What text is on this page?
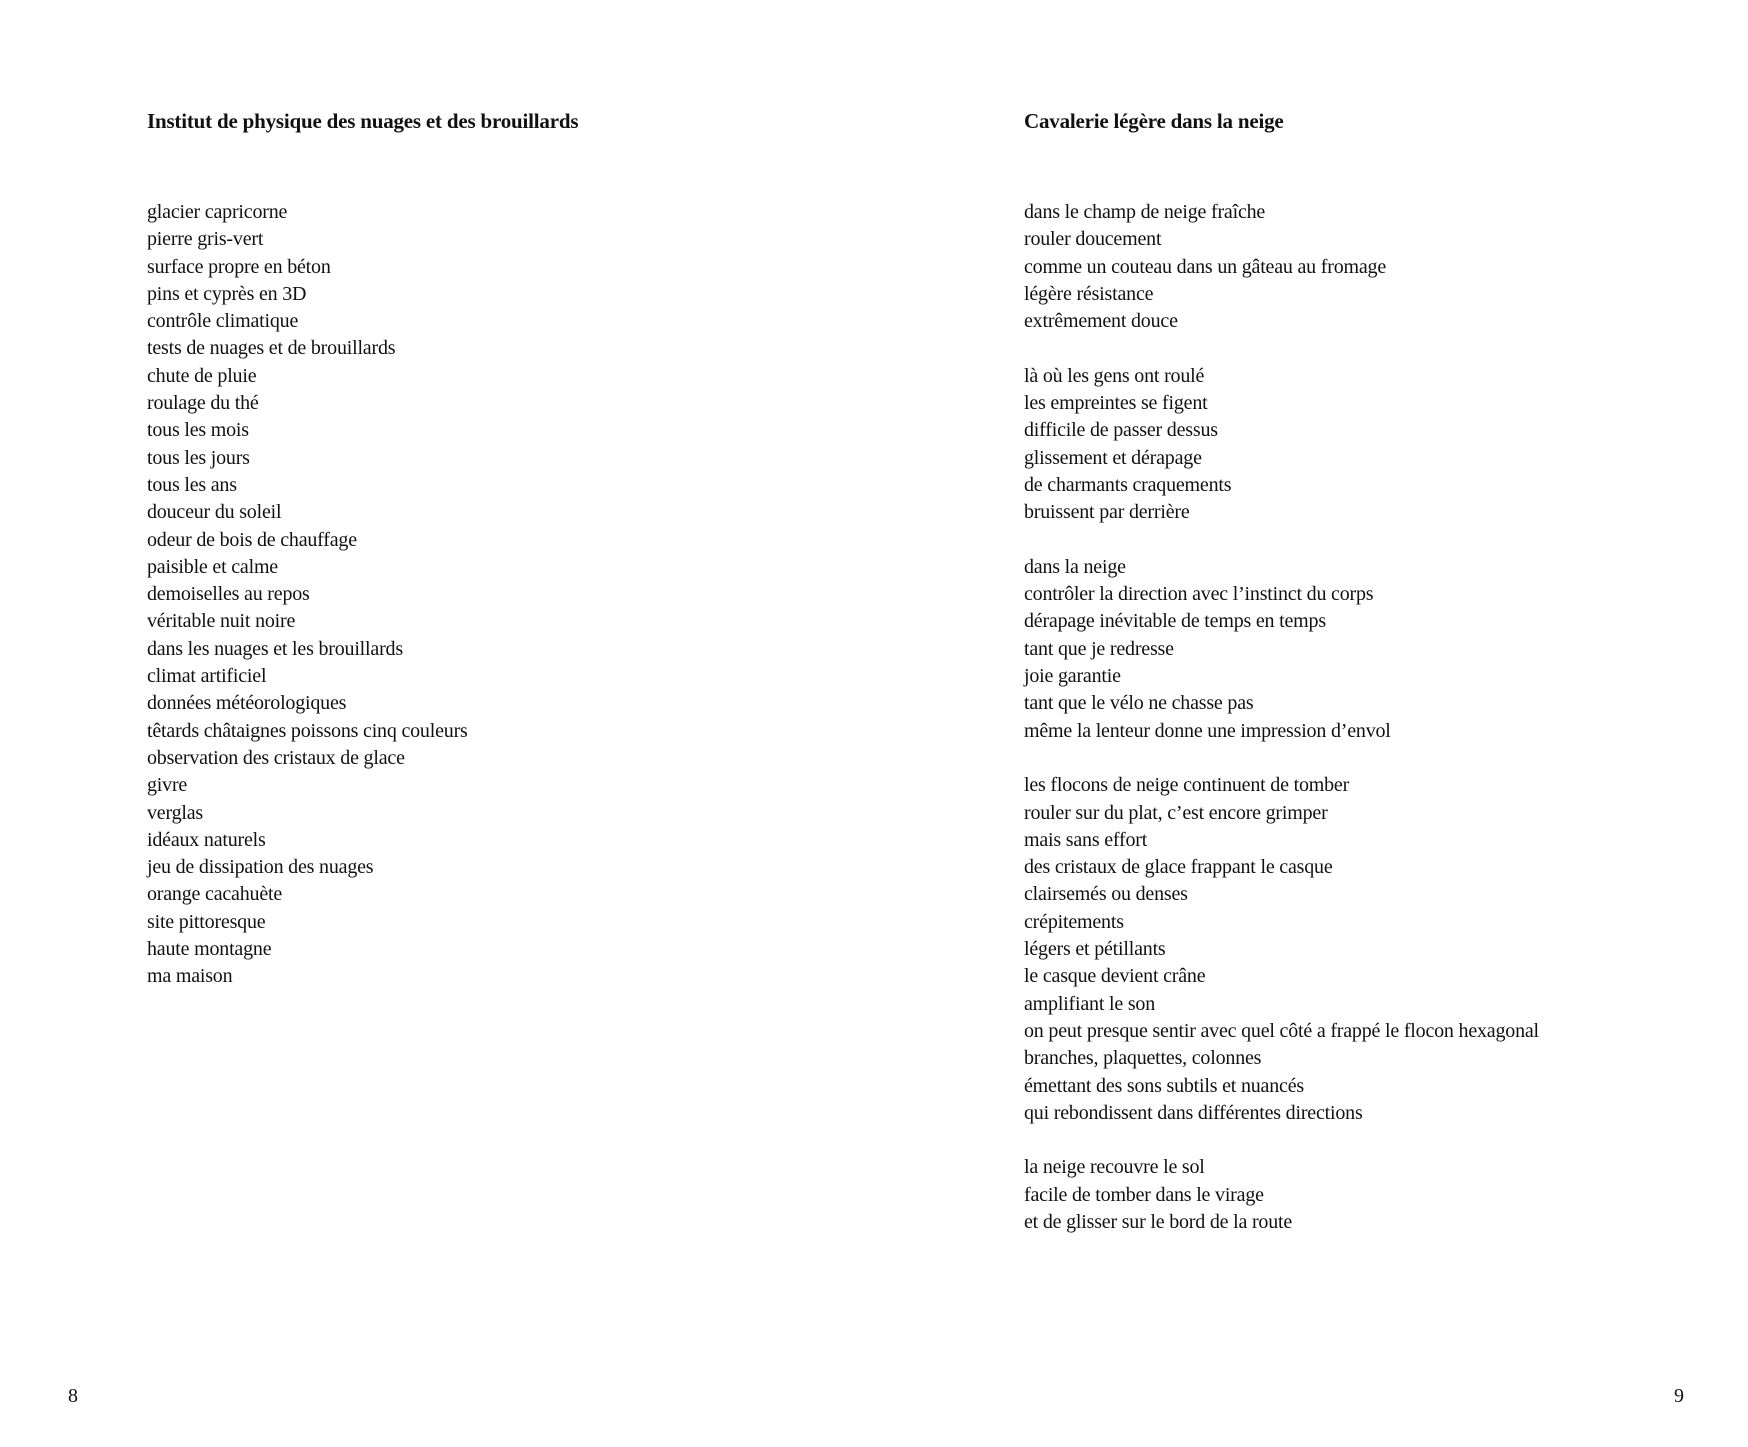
Institut de physique des nuages et des brouillards
glacier capricorne
pierre gris-vert
surface propre en béton
pins et cyprès en 3D
contrôle climatique
tests de nuages et de brouillards
chute de pluie
roulage du thé
tous les mois
tous les jours
tous les ans
douceur du soleil
odeur de bois de chauffage
paisible et calme
demoiselles au repos
véritable nuit noire
dans les nuages et les brouillards
climat artificiel
données météorologiques
têtards châtaignes poissons cinq couleurs
observation des cristaux de glace
givre
verglas
idéaux naturels
jeu de dissipation des nuages
orange cacahuète
site pittoresque
haute montagne
ma maison
8
Cavalerie légère dans la neige
dans le champ de neige fraîche
rouler doucement
comme un couteau dans un gâteau au fromage
légère résistance
extrêmement douce
là où les gens ont roulé
les empreintes se figent
difficile de passer dessus
glissement et dérapage
de charmants craquements
bruissent par derrière
dans la neige
contrôler la direction avec l’instinct du corps
dérapage inévitable de temps en temps
tant que je redresse
joie garantie
tant que le vélo ne chasse pas
même la lenteur donne une impression d’envol
les flocons de neige continuent de tomber
rouler sur du plat, c’est encore grimper
mais sans effort
des cristaux de glace frappant le casque
clairsemés ou denses
crépitements
légers et pétillants
le casque devient crâne
amplifiant le son
on peut presque sentir avec quel côté a frappé le flocon hexagonal
branches, plaquettes, colonnes
émettant des sons subtils et nuancés
qui rebondissent dans différentes directions
la neige recouvre le sol
facile de tomber dans le virage
et de glisser sur le bord de la route
9
